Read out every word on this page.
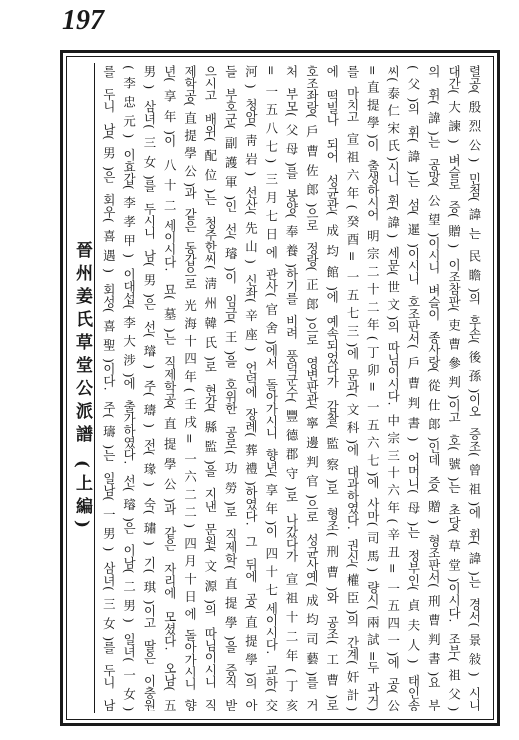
197
晉州姜氏草堂公派譜 (上編)	렬공(殷烈公) 민첨(諱는 民瞻)의 후손(後孫)이오 증조(曾祖)에 휘(諱)는 경서(景敍) 시니
대간(大諫) 벼슬로 증(贈) 이조참판(吏曹參判)이고 호(號)는 초당(草堂)이시다. 조부(祖父)
의 휘(諱)는 공망(公望)이시니 벼슬이 종사랑(從仕郎)인데 증(贈) 형조판서(刑曹判書)요 부
(父)의 휘(諱)는 섬(暹)이시니 호조판서(戶曹判書) 어머니(母)는 정부인(貞夫人) 태인송
씨(泰仁宋氏)시니 휘(諱) 세문(世文)의 따님이시다. 中宗三十六年(辛丑= 一五四一)에 공(公
=直提學)이 출생하시어 明宗二十二年(丁卯= 一五六七)에 사마(司馬) 량시(兩試=두 과거)
를 마치고 宣祖六年(癸酉= 一五七三)에 문과(文科)에 대과하였다. 권신(權臣)의 간계(奸計)
에 떡빌나 되어 성균관(成均館)에 예속되었다가 감찰(監察)로 형조(刑曹)와 공조(工曹)로
호조좌랑(戶曹佐郎)으로 정랑(正郎)으로 영변판관(寧邊判官)으로 성균사예(成均司藝)를 거
처 부모(父母)를 봉양(奉養)하기를 비려 풍덕군수(豐德郡守)로 나갔다가 宣祖十二年(丁亥
= 一五八七) 三月七日에 관사(官舍)에서 돌아가시니 향년(享年)이 四十七세이시다. 교하(交
河) 청암(靑岩) 선산(先山) 신좌(辛座) 언덕에 장례(葬禮)하였다. 그 뒤에 공(直提學)의 아
들 부호군(副護軍)인 선(璿)이 임금(王)을 호위한 공로(功勞)로 직제학(直提學)을 증직 받
으시고 배위(配位)는 청주한씨(淸州韓氏)로 현감(縣監)을 지낸 문원(文源)의 따님이시니 직
제학공(直提學公)과 같은 동갑으로 光海十四年(壬戌= 一六二二) 四月十日에 돌아가시니 향
년(享年)이 八十二세이시다. 묘(墓)는 직제학공(直提學公)과 같은 자리에 모셨다. 오남(五
男) 삼녀(三女)를 두시니 남(男)은 선(璿) 주(璹) 전(瑑) 숙(璛) 기(琪)이고 딸은 이충원
(李忠元) 이효갑(李孝甲) 이대섭(李大涉)에 출가하였다. 선(璿)은 이남(二男) 일녀(一女)
를 두니 남(男)은 회우(喜遇) 회성(喜聖)이다. 주(璹)는 일남(一男) 삼녀(三女)를 두니 남
